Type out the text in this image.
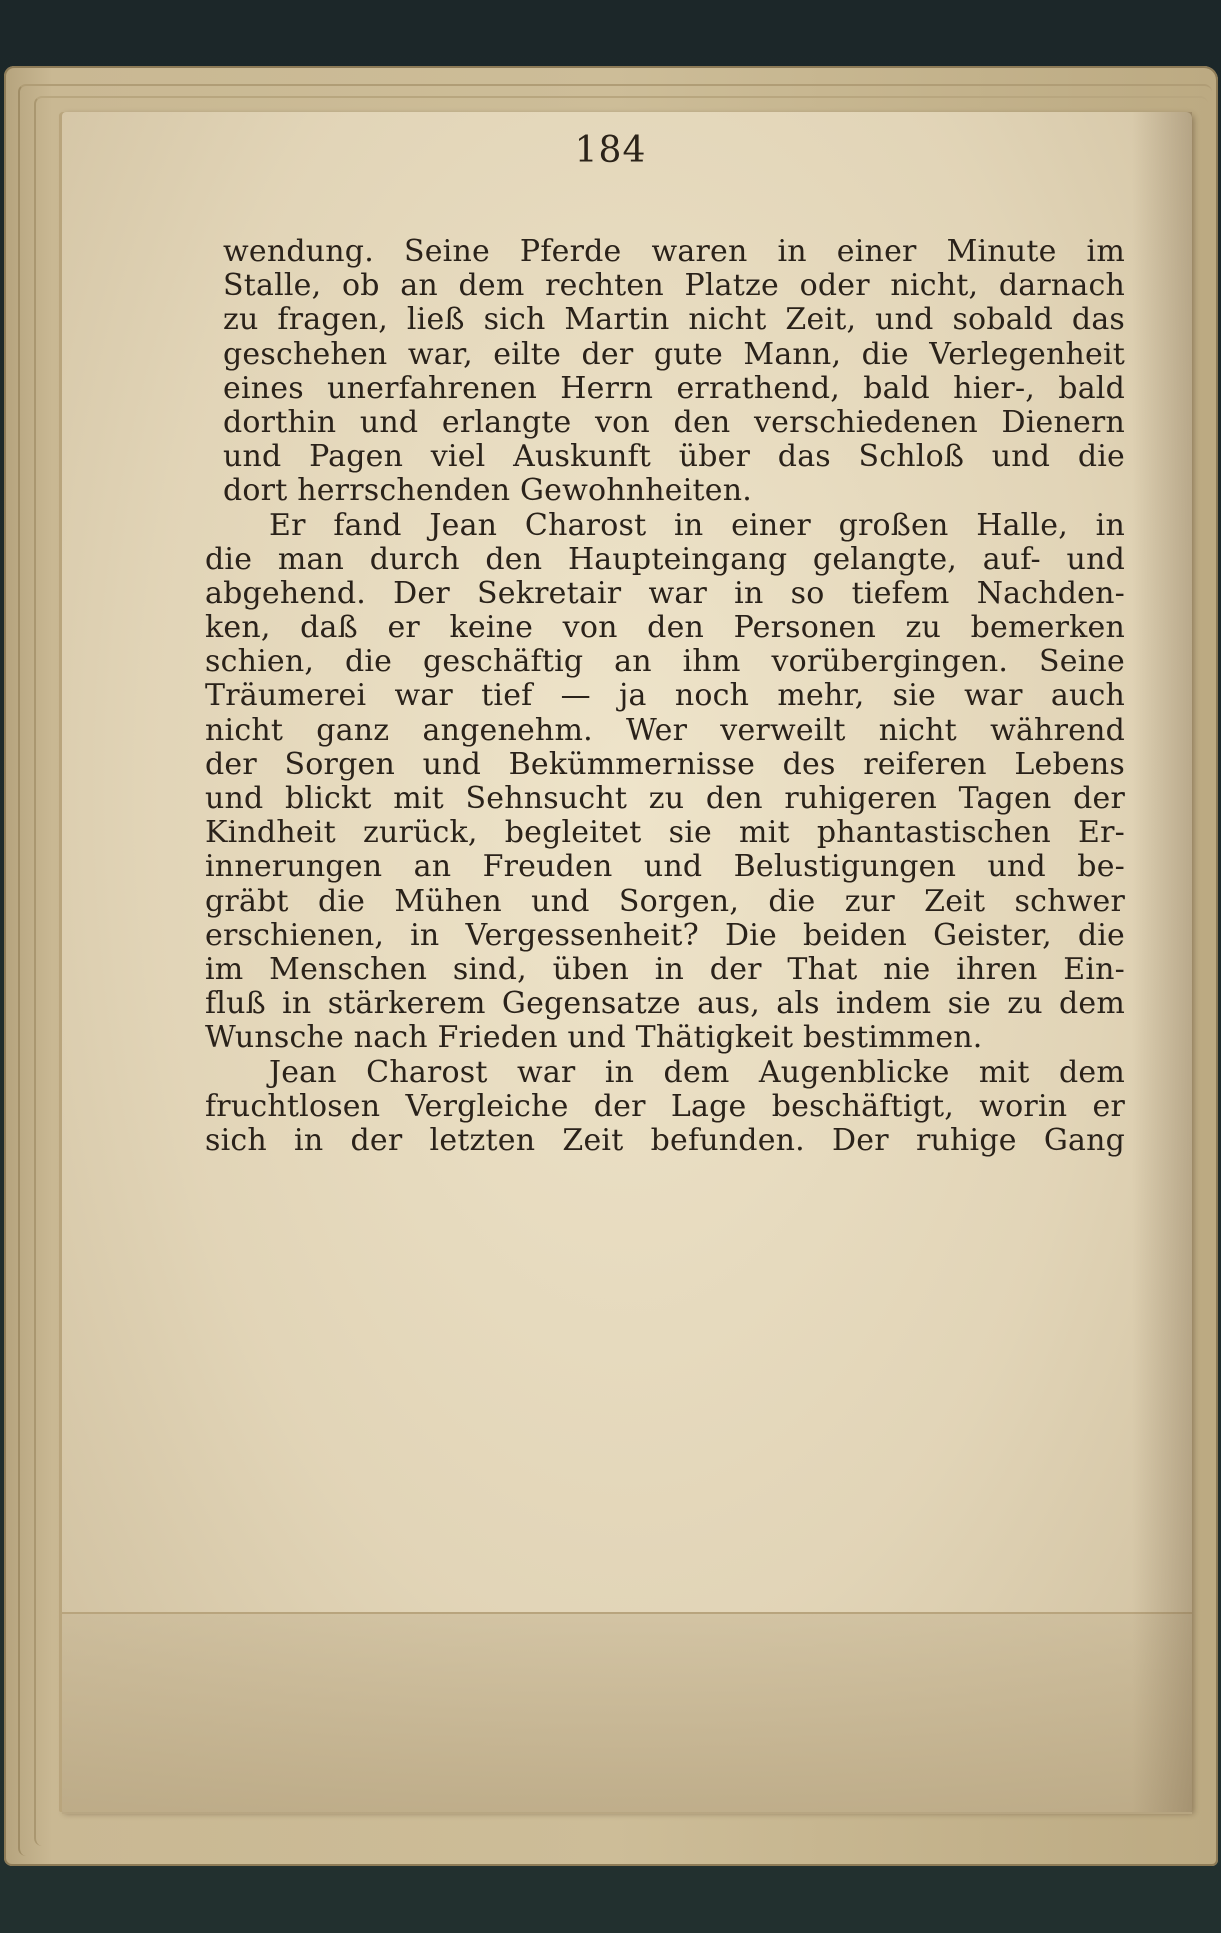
184
wendung. Seine Pferde waren in einer Minute im
Stalle, ob an dem rechten Platze oder nicht, darnach
zu fragen, ließ sich Martin nicht Zeit, und sobald das
geschehen war, eilte der gute Mann, die Verlegenheit
eines unerfahrenen Herrn errathend, bald hier-, bald
dorthin und erlangte von den verschiedenen Dienern
und Pagen viel Auskunft über das Schloß und die
dort herrschenden Gewohnheiten.
Er fand Jean Charost in einer großen Halle, in
die man durch den Haupteingang gelangte, auf- und
abgehend. Der Sekretair war in so tiefem Nachden-
ken, daß er keine von den Personen zu bemerken
schien, die geschäftig an ihm vorübergingen. Seine
Träumerei war tief — ja noch mehr, sie war auch
nicht ganz angenehm. Wer verweilt nicht während
der Sorgen und Bekümmernisse des reiferen Lebens
und blickt mit Sehnsucht zu den ruhigeren Tagen der
Kindheit zurück, begleitet sie mit phantastischen Er-
innerungen an Freuden und Belustigungen und be-
gräbt die Mühen und Sorgen, die zur Zeit schwer
erschienen, in Vergessenheit? Die beiden Geister, die
im Menschen sind, üben in der That nie ihren Ein-
fluß in stärkerem Gegensatze aus, als indem sie zu dem
Wunsche nach Frieden und Thätigkeit bestimmen.
Jean Charost war in dem Augenblicke mit dem
fruchtlosen Vergleiche der Lage beschäftigt, worin er
sich in der letzten Zeit befunden. Der ruhige Gang
